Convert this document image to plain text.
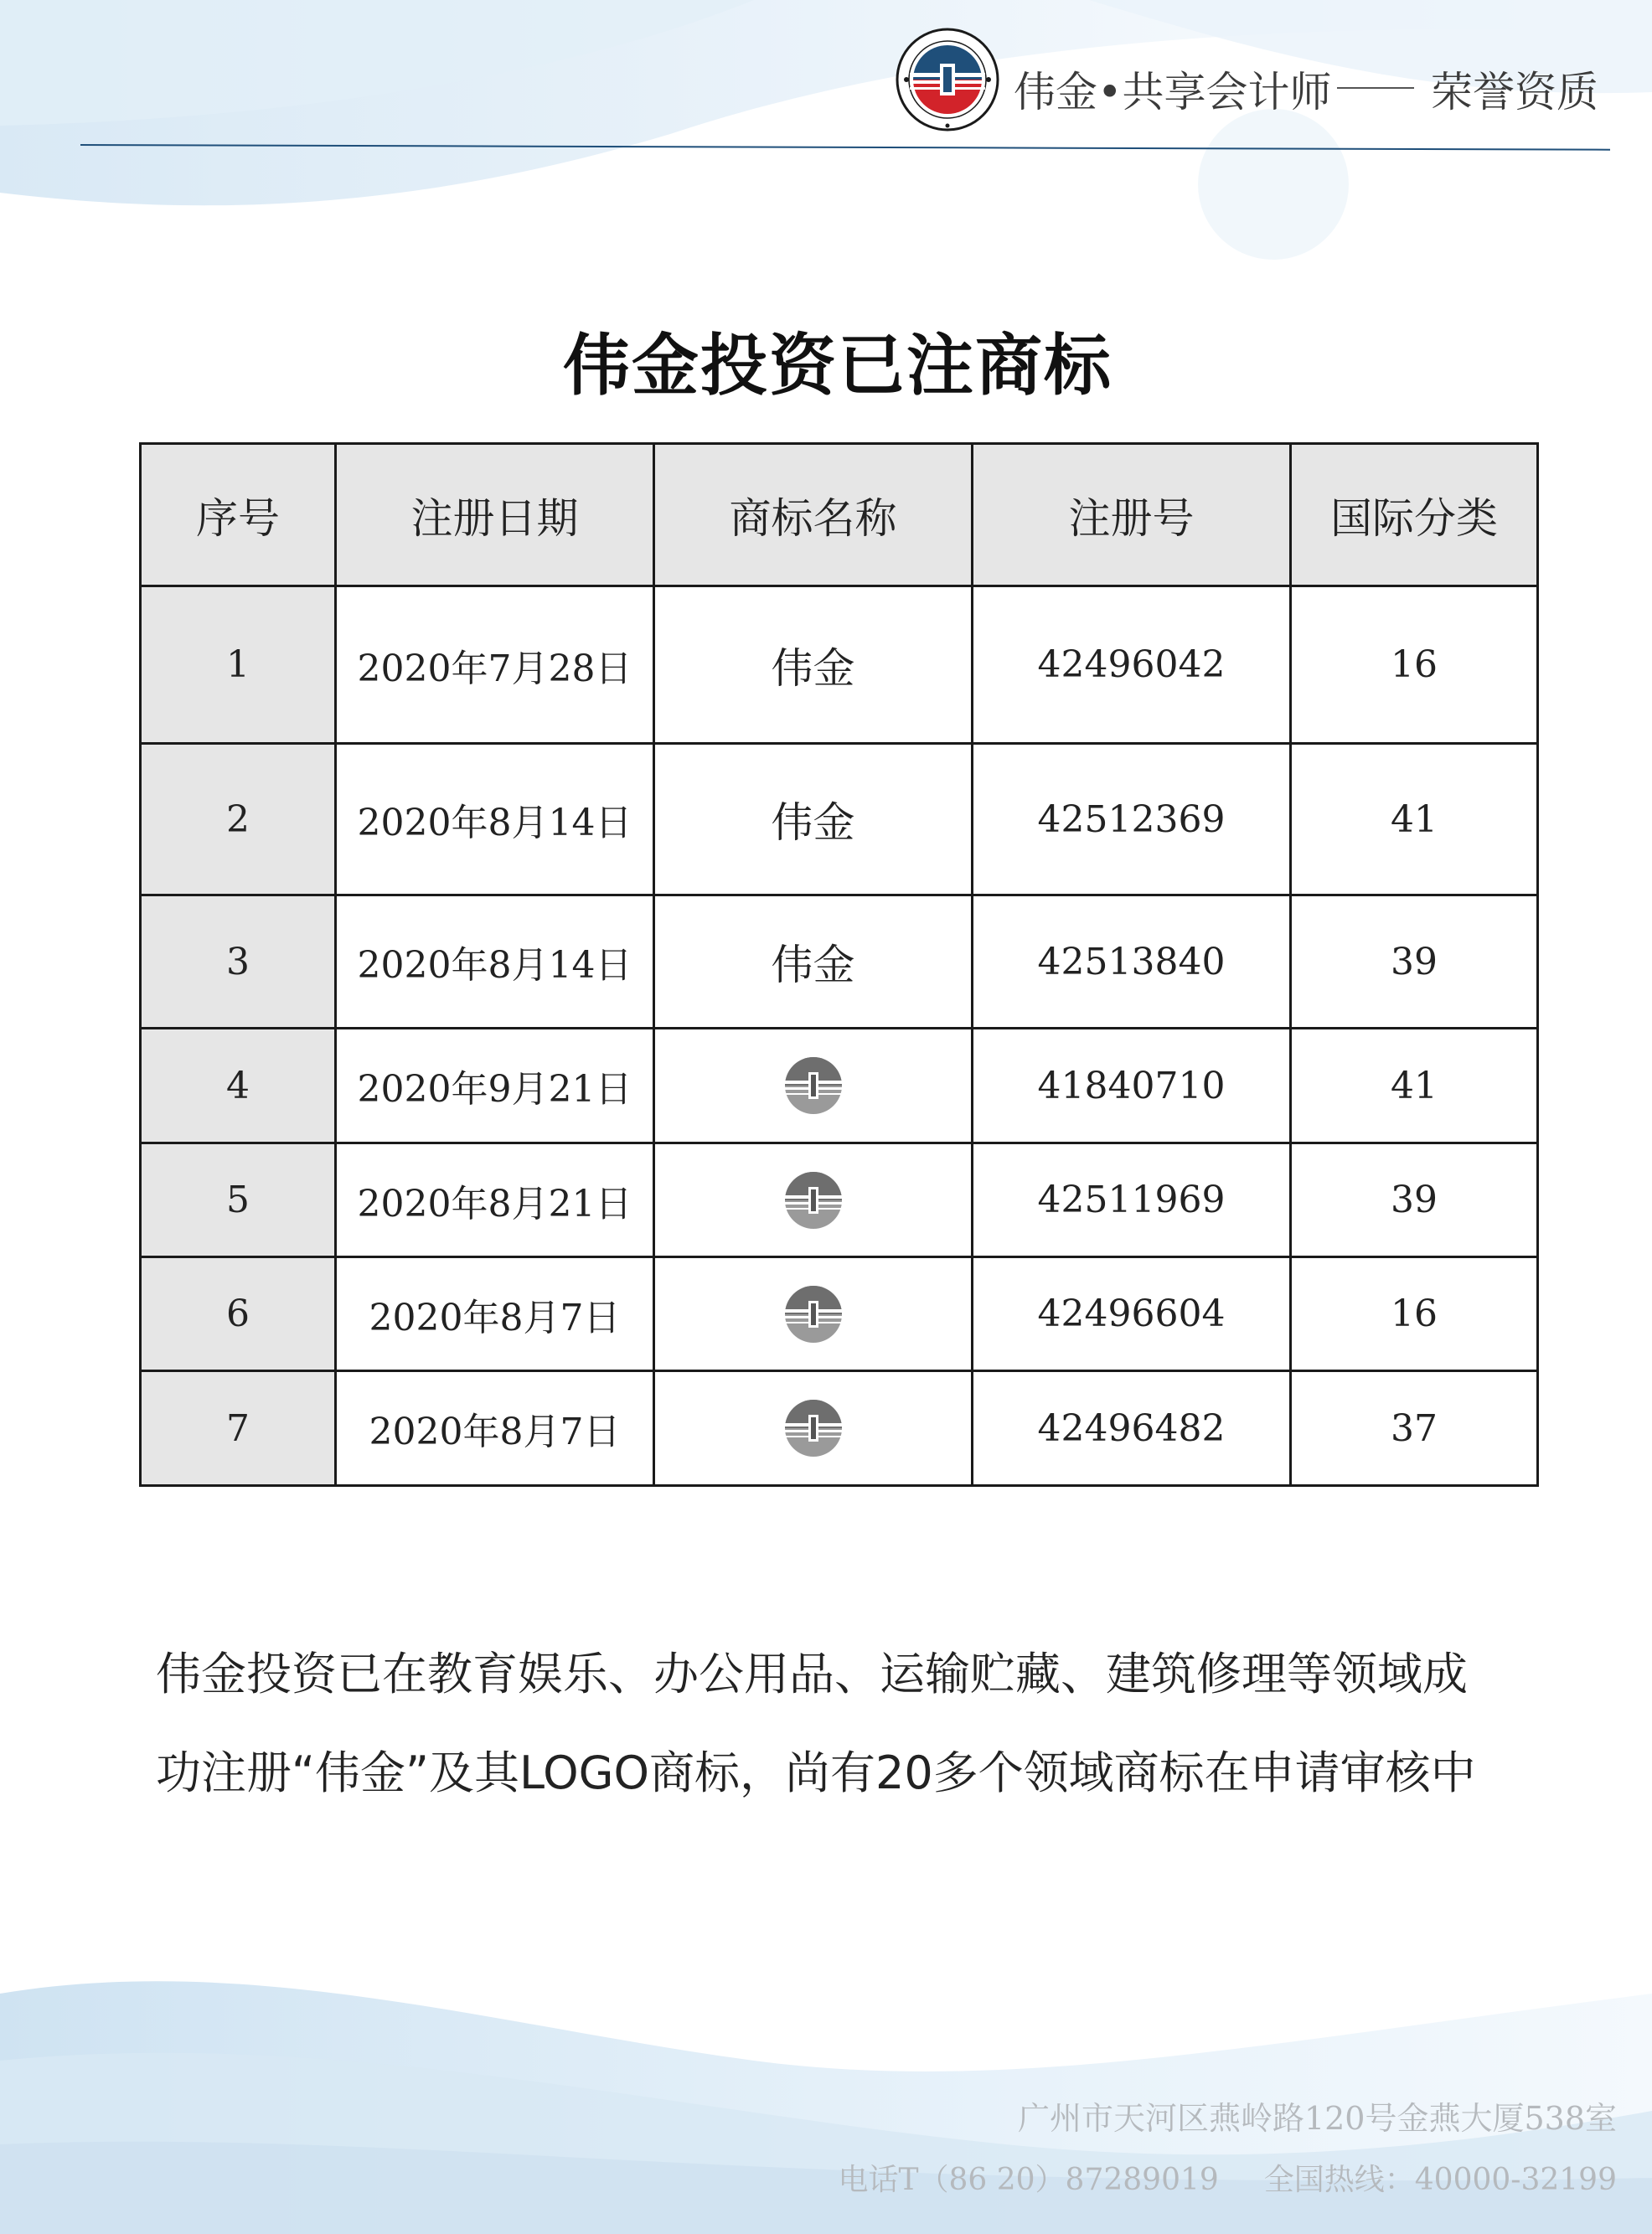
伟金•共享会计师 荣誉资质
伟金投资已注商标
序号	注册日期	商标名称	注册号	国际分类
1	2020年7月28日	伟金	42496042	16
2	2020年8月14日	伟金	42512369	41
3	2020年8月14日	伟金	42513840	39
4	2020年9月21日		41840710	41
5	2020年8月21日		42511969	39
6	2020年8月7日		42496604	16
7	2020年8月7日		42496482	37
伟金投资已在教育娱乐、办公用品、运输贮藏、建筑修理等领域成
功注册“伟金”及其LOGO商标，尚有20多个领域商标在申请审核中
广州市天河区燕岭路120号金燕大厦538室
电话T（86 20）87289019 全国热线：40000-32199
